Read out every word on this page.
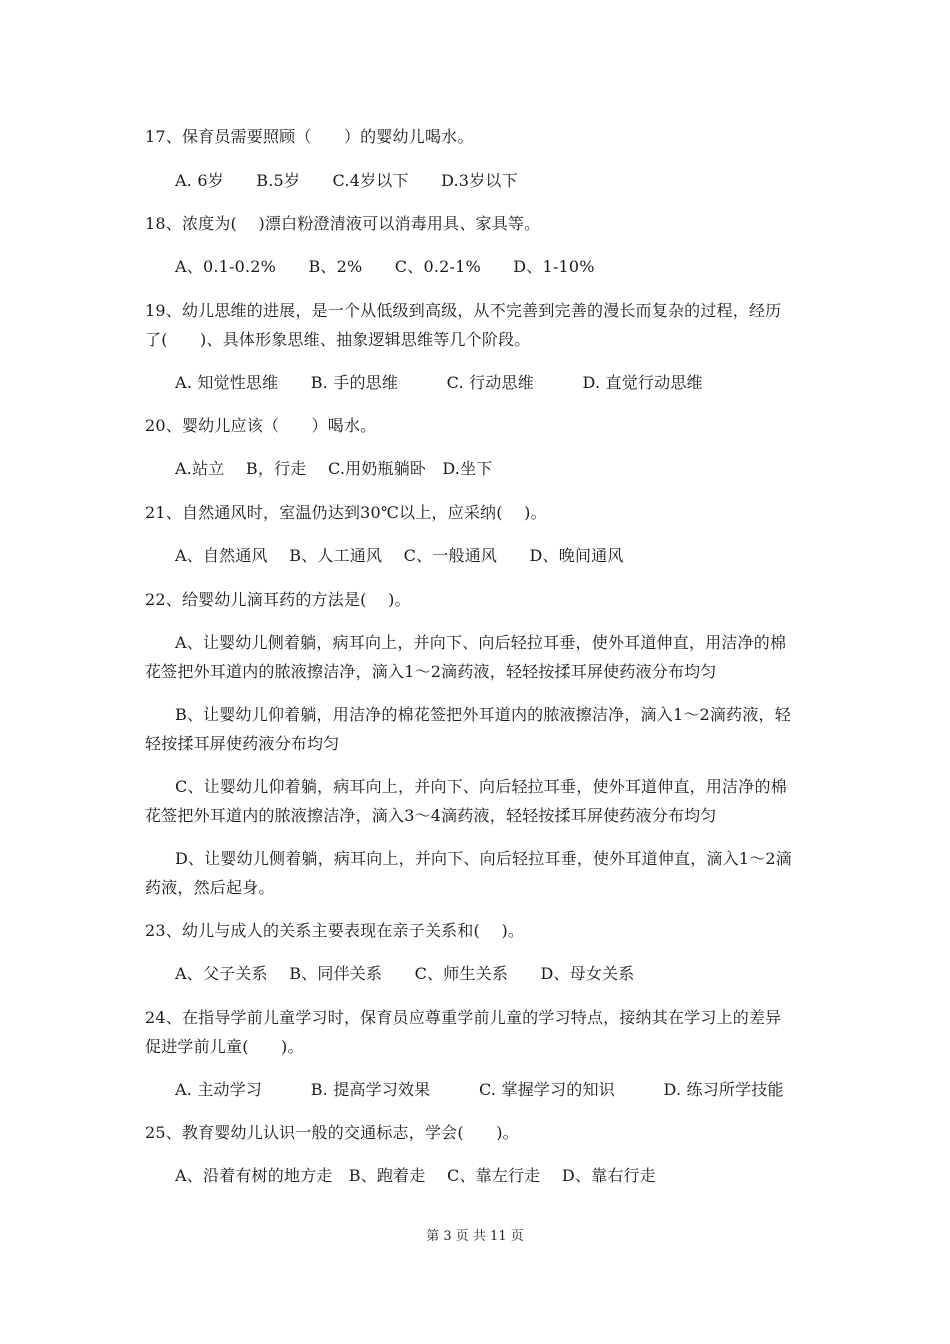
17、保育员需要照顾（　　）的婴幼儿喝水。
A. 6岁　　B.5岁　　C.4岁以下　　D.3岁以下
18、浓度为(　 )漂白粉澄清液可以消毒用具、家具等。
A、0.1-0.2%　　B、2%　　C、0.2-1%　　D、1-10%
19、幼儿思维的进展，是一个从低级到高级，从不完善到完善的漫长而复杂的过程，经历
了(　　)、具体形象思维、抽象逻辑思维等几个阶段。
A. 知觉性思维　　B. 手的思维　　　C. 行动思维　　　D. 直觉行动思维
20、婴幼儿应该（　　）喝水。
A.站立　 B，行走　 C.用奶瓶躺卧　D.坐下
21、自然通风时，室温仍达到30℃以上，应采纳(　 )。
A、自然通风　 B、人工通风　 C、一般通风　　D、晚间通风
22、给婴幼儿滴耳药的方法是(　 )。
A、让婴幼儿侧着躺，病耳向上，并向下、向后轻拉耳垂，使外耳道伸直，用洁净的棉
花签把外耳道内的脓液擦洁净，滴入1～2滴药液，轻轻按揉耳屏使药液分布均匀
B、让婴幼儿仰着躺，用洁净的棉花签把外耳道内的脓液擦洁净，滴入1～2滴药液，轻
轻按揉耳屏使药液分布均匀
C、让婴幼儿仰着躺，病耳向上，并向下、向后轻拉耳垂，使外耳道伸直，用洁净的棉
花签把外耳道内的脓液擦洁净，滴入3～4滴药液，轻轻按揉耳屏使药液分布均匀
D、让婴幼儿侧着躺，病耳向上，并向下、向后轻拉耳垂，使外耳道伸直，滴入1～2滴
药液，然后起身。
23、幼儿与成人的关系主要表现在亲子关系和(　 )。
A、父子关系　 B、同伴关系　　C、师生关系　　D、母女关系
24、在指导学前儿童学习时，保育员应尊重学前儿童的学习特点，接纳其在学习上的差异
促进学前儿童(　　)。
A. 主动学习　　　B. 提高学习效果　　　C. 掌握学习的知识　　　D. 练习所学技能
25、教育婴幼儿认识一般的交通标志，学会(　　)。
A、沿着有树的地方走　B、跑着走　 C、靠左行走　 D、靠右行走
第 3 页 共 11 页
